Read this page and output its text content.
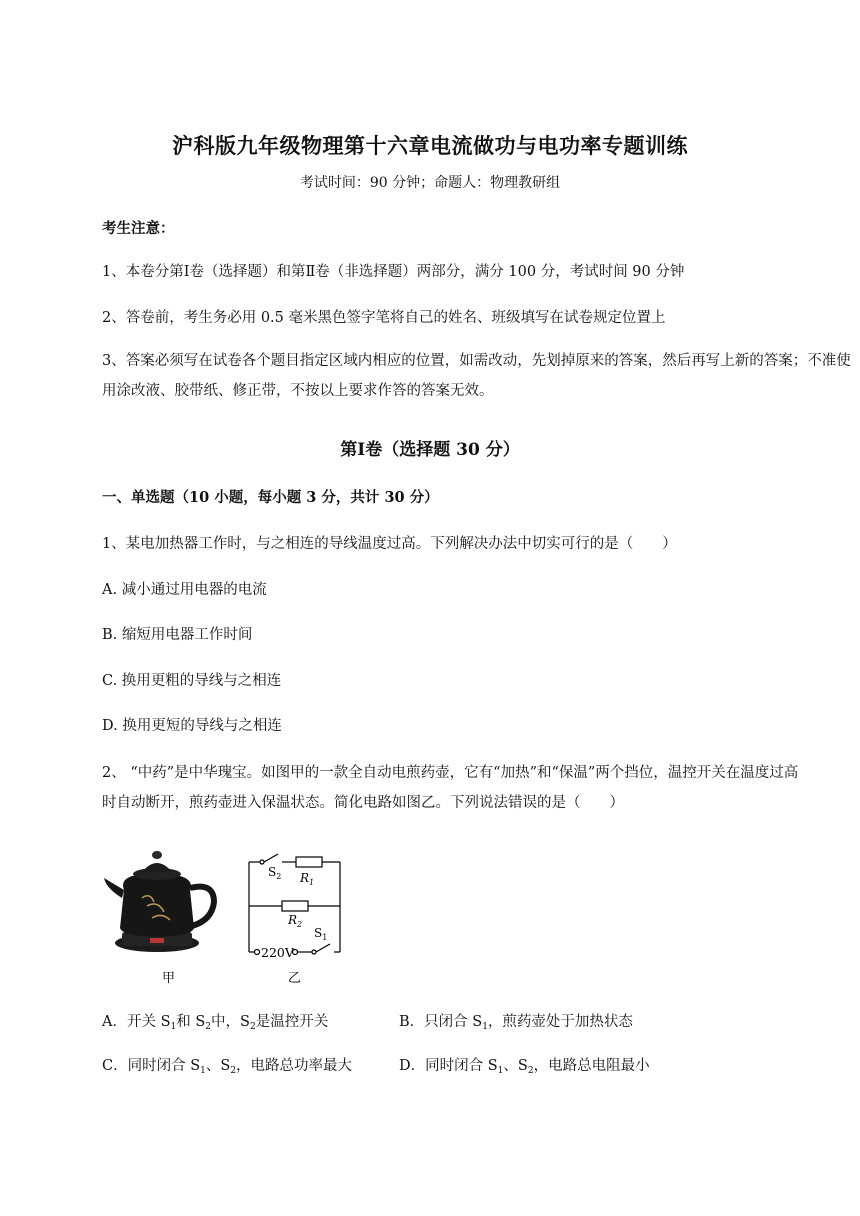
沪科版九年级物理第十六章电流做功与电功率专题训练
考试时间：90 分钟；命题人：物理教研组
考生注意：
1、本卷分第Ⅰ卷（选择题）和第Ⅱ卷（非选择题）两部分，满分 100 分，考试时间 90 分钟
2、答卷前，考生务必用 0.5 毫米黑色签字笔将自己的姓名、班级填写在试卷规定位置上
3、答案必须写在试卷各个题目指定区域内相应的位置，如需改动，先划掉原来的答案，然后再写上新的答案；不准使用涂改液、胶带纸、修正带，不按以上要求作答的答案无效。
第Ⅰ卷（选择题 30 分）
一、单选题（10 小题，每小题 3 分，共计 30 分）
1、某电加热器工作时，与之相连的导线温度过高。下列解决办法中切实可行的是（　　）
A. 减小通过用电器的电流
B. 缩短用电器工作时间
C. 换用更粗的导线与之相连
D. 换用更短的导线与之相连
2、 “中药”是中华瑰宝。如图甲的一款全自动电煎药壶，它有“加热”和“保温”两个挡位，温控开关在温度过高时自动断开，煎药壶进入保温状态。简化电路如图乙。下列说法错误的是（　　）
$S_2$ $R_1$
$R_2$
$S_1$
220V
甲	乙
A．开关 $S_1$和 $S_2$中，$S_2$是温控开关	B．只闭合 $S_1$，煎药壶处于加热状态
C．同时闭合 $S_1$、$S_2$，电路总功率最大	D．同时闭合 $S_1$、$S_2$，电路总电阻最小
